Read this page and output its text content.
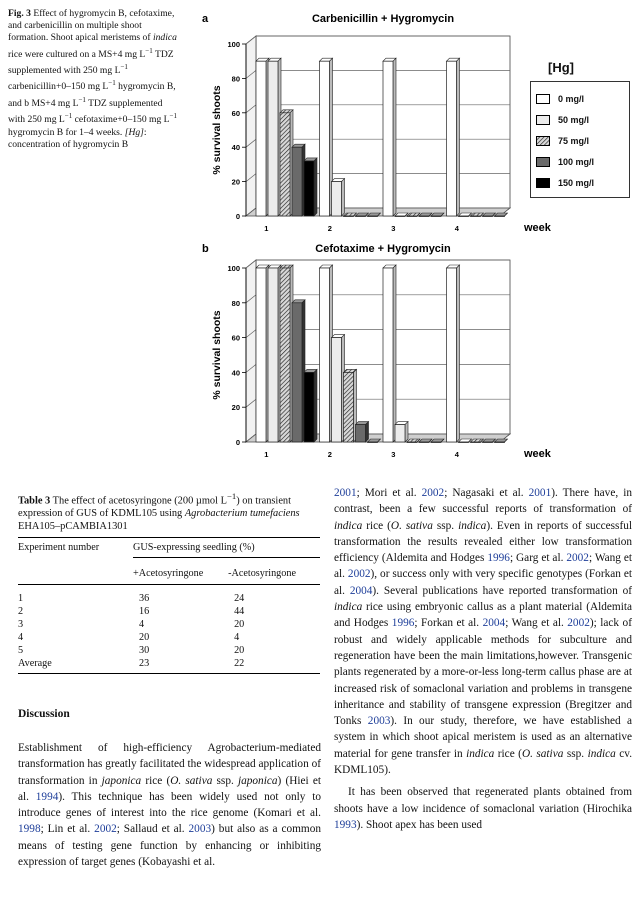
Fig. 3 Effect of hygromycin B, cefotaxime, and carbenicillin on multiple shoot formation. Shoot apical meristems of indica rice were cultured on a MS+4 mg $L^{-1}$ TDZ supplemented with 250 mg $L^{-1}$ carbenicillin+0–150 mg $L^{-1}$ hygromycin B, and b MS+4 mg $L^{-1}$ TDZ supplemented with 250 mg $L^{-1}$ cefotaxime+0–150 mg $L^{-1}$ hygromycin B for 1–4 weeks. [Hg]: concentration of hygromycin B
Carbenicillin + Hygromycin
a
0
20
40
60
80
100
% survival shoots
1	2	3	4	week
Cefotaxime + Hygromycin
b
0
20
40
60
80
100
% survival shoots
1	2	3	4	week
[Hg]
0 mg/l
50 mg/l
75 mg/l
100 mg/l
150 mg/l
Table 3 The effect of acetosyringone (200 µmol $L^{-1}$) on transient expression of GUS of KDML105 using Agrobacterium tumefaciens EHA105–pCAMBIA1301
Experiment number	GUS-expressing seedling (%)	

	+Acetosyringone	-Acetosyringone

1	36	24
2	16	44
3	4	20
4	20	4
5	30	20
Average	23	22

Discussion

Establishment of high-efficiency Agrobacterium-mediated transformation has greatly facilitated the widespread application of transformation in japonica rice (O. sativa ssp. japonica) (Hiei et al. 1994). This technique has been widely used not only to introduce genes of interest into the rice genome (Komari et al. 1998; Lin et al. 2002; Sallaud et al. 2003) but also as a common means of testing gene function by enhancing or inhibiting expression of target genes (Kobayashi et al.

2001; Mori et al. 2002; Nagasaki et al. 2001). There have, in contrast, been a few successful reports of transformation of indica rice (O. sativa ssp. indica). Even in reports of successful transformation the results revealed either low transformation efficiency (Aldemita and Hodges 1996; Garg et al. 2002; Wang et al. 2002), or success only with very specific genotypes (Forkan et al. 2004). Several publications have reported transformation of indica rice using embryonic callus as a plant material (Aldemita and Hodges 1996; Forkan et al. 2004; Wang et al. 2002); lack of robust and widely applicable methods for subculture and regeneration have been the main limitations,however. Transgenic plants regenerated by a more-or-less long-term callus phase are at increased risk of somaclonal variation and problems in transgene inheritance and stability of transgene expression (Bregitzer and Tonks 2003). In our study, therefore, we have established a system in which shoot apical meristem is used as an alternative material for gene transfer in indica rice (O. sativa ssp. indica cv. KDML105).

It has been observed that regenerated plants obtained from shoots have a low incidence of somaclonal variation (Hirochika 1993). Shoot apex has been used
